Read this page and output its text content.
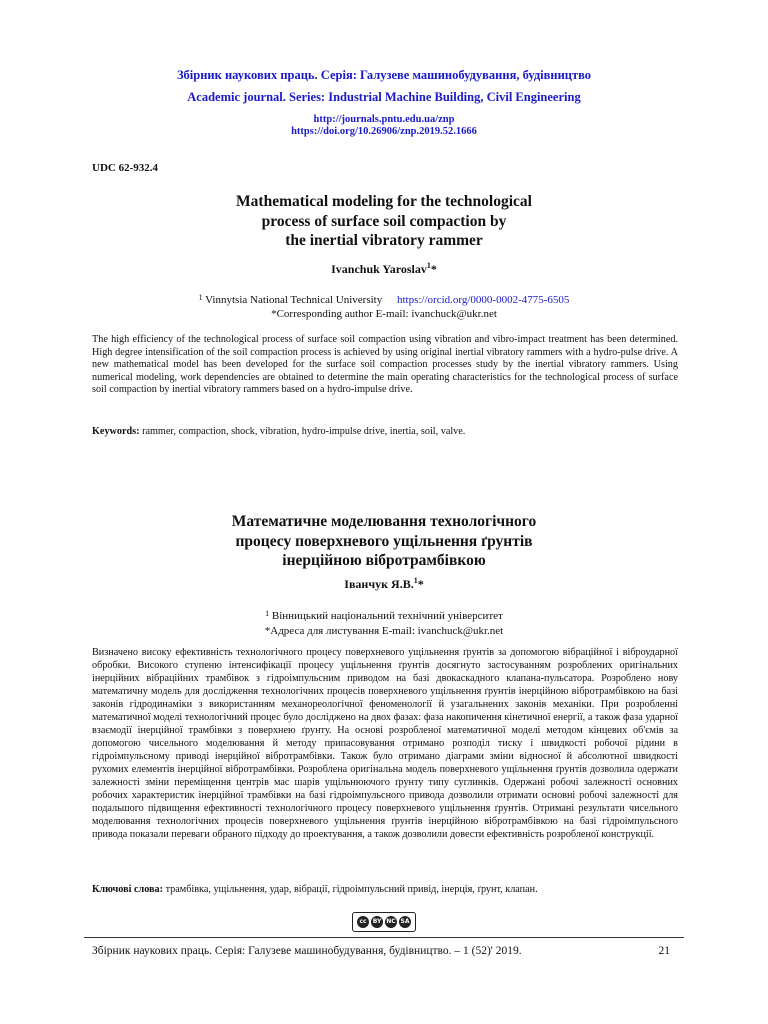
Збірник наукових праць. Серія: Галузеве машинобудування, будівництво
Academic journal. Series: Industrial Machine Building, Civil Engineering
http://journals.pntu.edu.ua/znp
https://doi.org/10.26906/znp.2019.52.1666
UDC 62-932.4
Mathematical modeling for the technological
process of surface soil compaction by
the inertial vibratory rammer
Ivanchuk Yaroslav$^1$*
$^1$ Vinnytsia National Technical University https://orcid.org/0000-0002-4775-6505
*Corresponding author E-mail: ivanchuck@ukr.net
The high efficiency of the technological process of surface soil compaction using vibration and vibro-impact treatment has been determined. High degree intensification of the soil compaction process is achieved by using original inertial vibratory rammers with a hydro-pulse drive. A new mathematical model has been developed for the surface soil compaction processes study by the inertial vibratory rammers. Using numerical modeling, work dependencies are obtained to determine the main operating characteristics for the technological process of surface soil compaction by inertial vibratory rammers based on a hydro-impulse drive.
Keywords: rammer, compaction, shock, vibration, hydro-impulse drive, inertia, soil, valve.
Математичне моделювання технологічного
процесу поверхневого ущільнення ґрунтів
інерційною вібротрамбівкою
Іванчук Я.В.$^1$*
$^1$ Вінницький національний технічний університет
*Адреса для листування E-mail: ivanchuck@ukr.net
Визначено високу ефективність технологічного процесу поверхневого ущільнення ґрунтів за допомогою вібраційної і віброударної обробки. Високого ступеню інтенсифікації процесу ущільнення ґрунтів досягнуто застосуванням розроблених оригінальних інерційних вібраційних трамбівок з гідроімпульсним приводом на базі двокаскадного клапана-пульсатора. Розроблено нову математичну модель для дослідження технологічних процесів поверхневого ущільнення ґрунтів інерційною вібротрамбівкою на базі законів гідродинаміки з використанням механореологічної феноменології й узагальнених законів механіки. При розробленні математичної моделі технологічний процес було досліджено на двох фазах: фаза накопичення кінетичної енергії, а також фаза ударної взаємодії інерційної трамбівки з поверхнею ґрунту. На основі розробленої математичної моделі методом кінцевих об'ємів за допомогою чисельного моделювання й методу припасовування отримано розподіл тиску і швидкості робочої рідини в гідроімпульсному приводі інерційної вібротрамбівки. Також було отримано діаграми зміни відносної й абсолютної швидкості рухомих елементів інерційної вібротрамбівки. Розроблена оригінальна модель поверхневого ущільнення ґрунтів дозволила одержати залежності зміни переміщення центрів мас шарів ущільнюючого ґрунту типу суглинків. Одержані робочі залежності основних робочих характеристик інерційної трамбівки на базі гідроімпульсного привода дозволили отримати основні робочі залежності для подальшого підвищення ефективності технологічного процесу поверхневого ущільнення ґрунтів. Отримані результати чисельного моделювання технологічних процесів поверхневого ущільнення ґрунтів інерційною вібротрамбівкою на базі гідроімпульсного привода показали переваги обраного підходу до проектування, а також дозволили довести ефективність розробленої конструкції.
Ключові слова: трамбівка, ущільнення, удар, вібрації, гідроімпульсний привід, інерція, ґрунт, клапан.
cc	BY NC SA
Збірник наукових праць. Серія: Галузеве машинобудування, будівництво. – 1 (52)' 2019.	21
